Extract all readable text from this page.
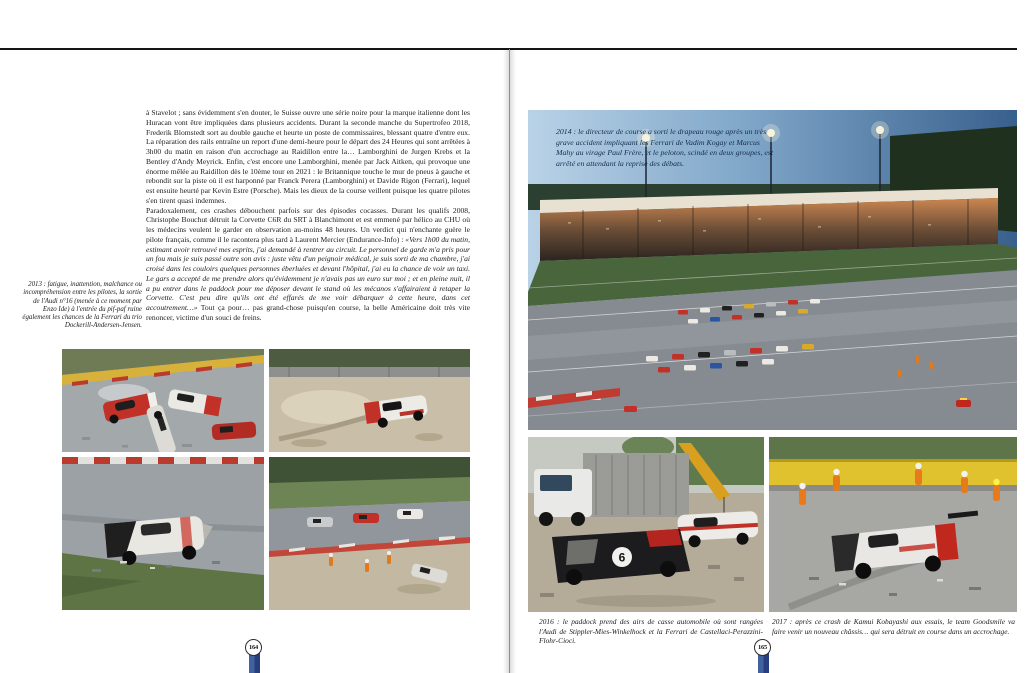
2013 : fatigue, inattention, malchance ou incompréhension entre les pilotes, la sortie de l'Audi n°16 (menée à ce moment par Enzo Ide) à l'entrée du pif-paf ruine également les chances de la Ferrari du trio Dockerill-Andersen-Jensen.

à Stavelot ; sans évidemment s'en douter, le Suisse ouvre une série noire pour la marque italienne dont les Huracan vont être impliquées dans plusieurs accidents. Durant la seconde manche du Supertrofeo 2018, Frederik Blomstedt sort au double gauche et heurte un poste de commissaires, blessant quatre d'entre eux. La réparation des rails entraîne un report d'une demi-heure pour le départ des 24 Heures qui sont arrêtées à 3h00 du matin en raison d'un accrochage au Raidillon entre la… Lamborghini de Jurgen Krebs et la Bentley d'Andy Meyrick. Enfin, c'est encore une Lamborghini, menée par Jack Aitken, qui provoque une énorme mêlée au Raidillon dès le 10ème tour en 2021 : le Britannique touche le mur de pneus à gauche et rebondit sur la piste où il est harponné par Franck Perera (Lamborghini) et Davide Rigon (Ferrari), lequel est ensuite heurté par Kevin Estre (Porsche). Mais les dieux de la course veillent puisque les quatre pilotes s'en tirent quasi indemnes.

Paradoxalement, ces crashes débouchent parfois sur des épisodes cocasses. Durant les qualifs 2008, Christophe Bouchut détruit la Corvette C6R du SRT à Blanchimont et est emmené par hélico au CHU où les médecins veulent le garder en observation au-moins 48 heures. Un verdict qui n'enchante guère le pilote français, comme il le racontera plus tard à Laurent Mercier (Endurance-Info) : «Vers 1h00 du matin, estimant avoir retrouvé mes esprits, j'ai demandé à rentrer au circuit. Le personnel de garde m'a pris pour un fou mais je suis passé outre son avis : juste vêtu d'un peignoir médical, je suis sorti de ma chambre, j'ai croisé dans les couloirs quelques personnes éberluées et devant l'hôpital, j'ai eu la chance de voir un taxi. Le gars a accepté de me prendre alors qu'évidemment je n'avais pas un euro sur moi ; et en pleine nuit, il a pu entrer dans le paddock pour me déposer devant le stand où les mécanos s'affairaient à retaper la Corvette. C'est peu dire qu'ils ont été effarés de me voir débarquer à cette heure, dans cet accoutrement…» Tout ça pour… pas grand-chose puisqu'en course, la belle Américaine doit très vite renoncer, victime d'un souci de freins.

164
2014 : le directeur de course a sorti le drapeau rouge après un très grave accident impliquant les Ferrari de Vadim Kogay et Marcus Mahy au virage Paul Frère, et le peloton, scindé en deux groupes, est arrêté en attendant la reprise des débats.
6
2016 : le paddock prend des airs de casse automobile où sont rangées l'Audi de Stippler-Mies-Winkelhock et la Ferrari de Castellaci-Perazzini-Flohr-Cioci.
2017 : après ce crash de Kamui Kobayashi aux essais, le team Goodsmile va faire venir un nouveau châssis… qui sera détruit en course dans un accrochage.
165
